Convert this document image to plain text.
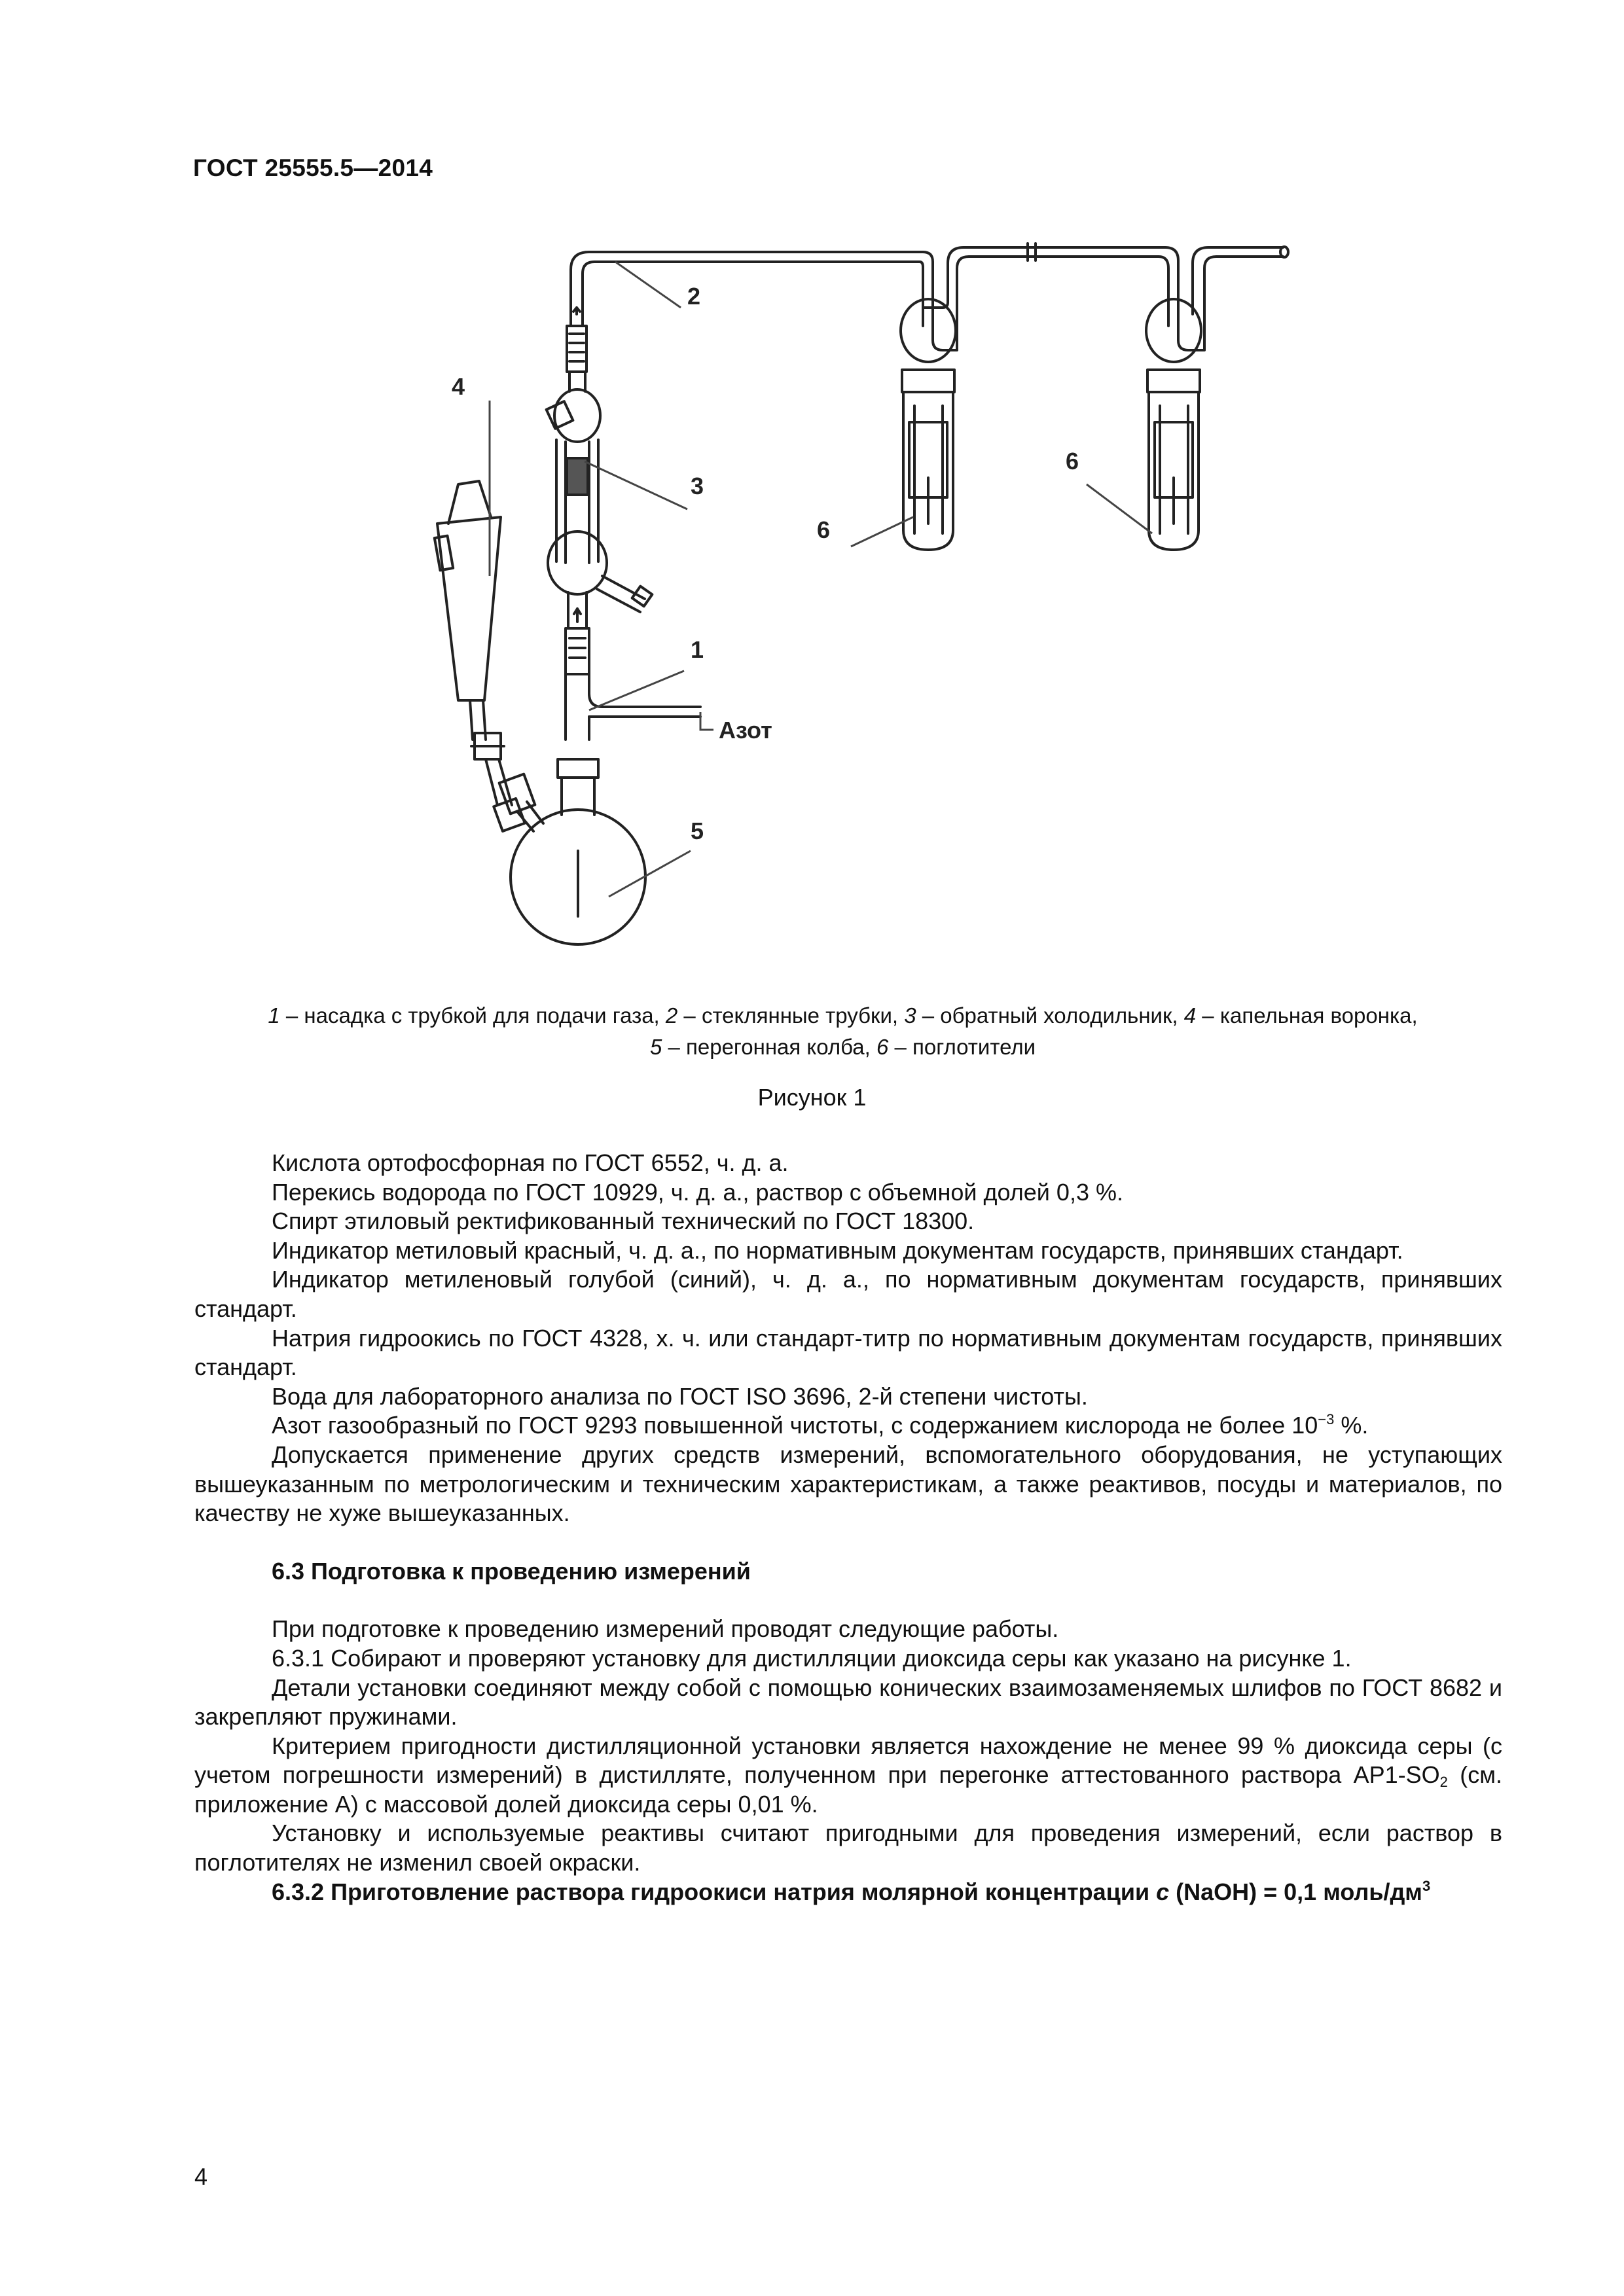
ГОСТ 25555.5—2014
2
3
4
1
Азот
5
6
6
1 – насадка с трубкой для подачи газа, 2 – стеклянные трубки, 3 – обратный холодильник, 4 – капельная воронка,
5 – перегонная колба, 6 – поглотители
Рисунок 1

Кислота ортофосфорная по ГОСТ 6552, ч. д. а.

Перекись водорода по ГОСТ 10929, ч. д. а., раствор с объемной долей 0,3 %.

Спирт этиловый ректификованный технический по ГОСТ 18300.

Индикатор метиловый красный, ч. д. а., по нормативным документам государств, принявших стандарт.

Индикатор метиленовый голубой (синий), ч. д. а., по нормативным документам государств, принявших стандарт.

Натрия гидроокись по ГОСТ 4328, х. ч. или стандарт-титр по нормативным документам государств, принявших стандарт.

Вода для лабораторного анализа по ГОСТ ISO 3696, 2-й степени чистоты.

Азот газообразный по ГОСТ 9293 повышенной чистоты, с содержанием кислорода не более $10^{-3}$ %.

Допускается применение других средств измерений, вспомогательного оборудования, не уступающих вышеуказанным по метрологическим и техническим характеристикам, а также реактивов, посуды и материалов, по качеству не хуже вышеуказанных.

6.3 Подготовка к проведению измерений

При подготовке к проведению измерений проводят следующие работы.

6.3.1 Собирают и проверяют установку для дистилляции диоксида серы как указано на рисунке 1.

Детали установки соединяют между собой с помощью конических взаимозаменяемых шлифов по ГОСТ 8682 и закрепляют пружинами.

Критерием пригодности дистилляционной установки является нахождение не менее 99 % диоксида серы (с учетом погрешности измерений) в дистилляте, полученном при перегонке аттестованного раствора $АР1-SO_2$ (см. приложение А) с массовой долей диоксида серы 0,01 %.

Установку и используемые реактивы считают пригодными для проведения измерений, если раствор в поглотителях не изменил своей окраски.

6.3.2 Приготовление раствора гидроокиси натрия молярной концентрации c (NaOH) = 0,1 моль/$дм^3$

4
